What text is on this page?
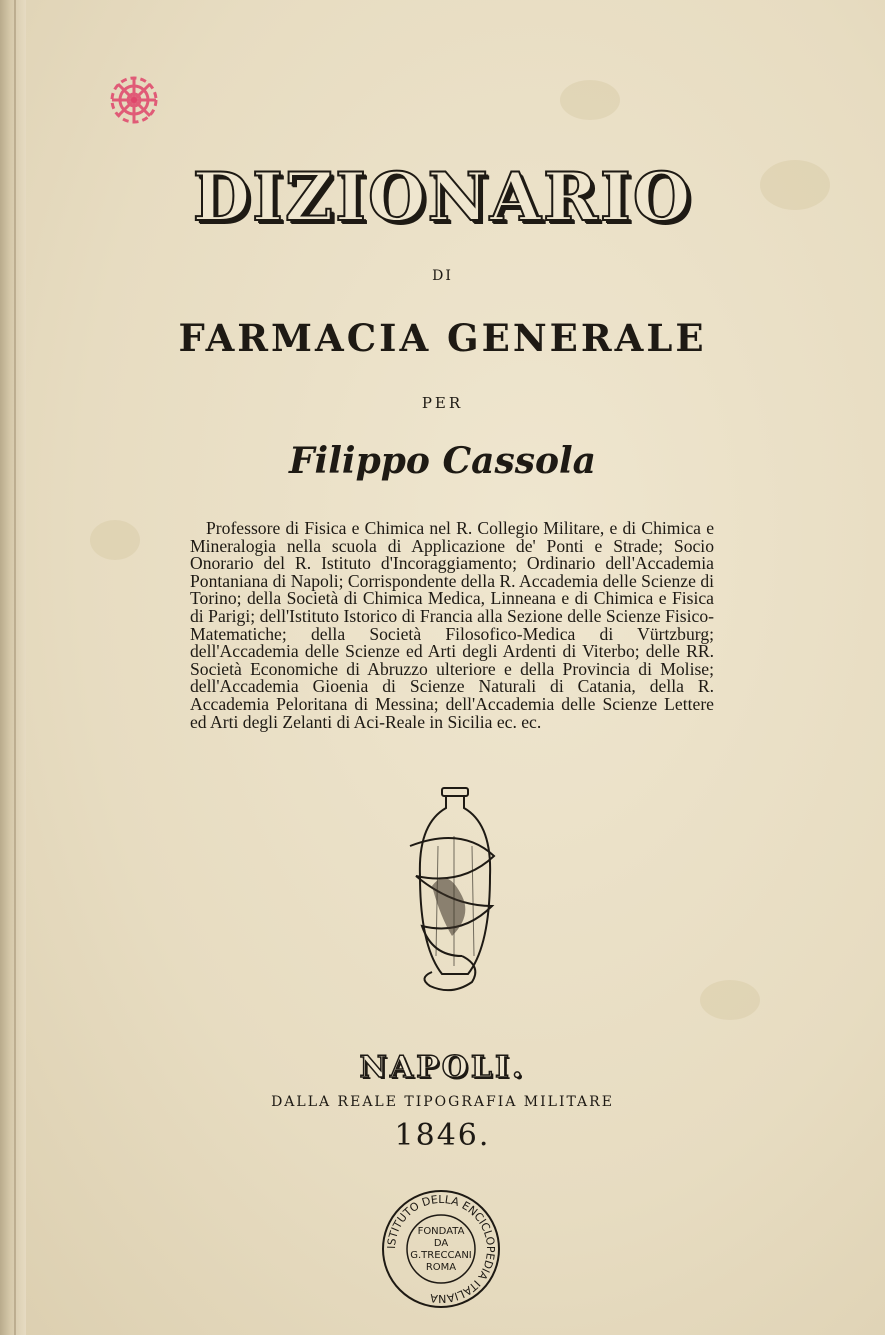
DIZIONARIO
DI
FARMACIA GENERALE
PER
Filippo Cassola
Professore di Fisica e Chimica nel R. Collegio Militare, e di Chimica e Mineralogia nella scuola di Applicazione de' Ponti e Strade; Socio Onorario del R. Istituto d'Incoraggiamento; Ordinario dell'Accademia Pontaniana di Napoli; Corrispondente della R. Accademia delle Scienze di Torino; della Società di Chimica Medica, Linneana e di Chimica e Fisica di Parigi; dell'Istituto Istorico di Francia alla Sezione delle Scienze Fisico-Matematiche; della Società Filosofico-Medica di Vürtzburg; dell'Accademia delle Scienze ed Arti degli Ardenti di Viterbo; delle RR. Società Economiche di Abruzzo ulteriore e della Provincia di Molise; dell'Accademia Gioenia di Scienze Naturali di Catania, della R. Accademia Peloritana di Messina; dell'Accademia delle Scienze Lettere ed Arti degli Zelanti di Aci-Reale in Sicilia ec. ec.
NAPOLI.
DALLA REALE TIPOGRAFIA MILITARE
1846.
ISTITUTO DELLA ENCICLOPEDIA ITALIANA
FONDATA
DA
G.TRECCANI
ROMA
